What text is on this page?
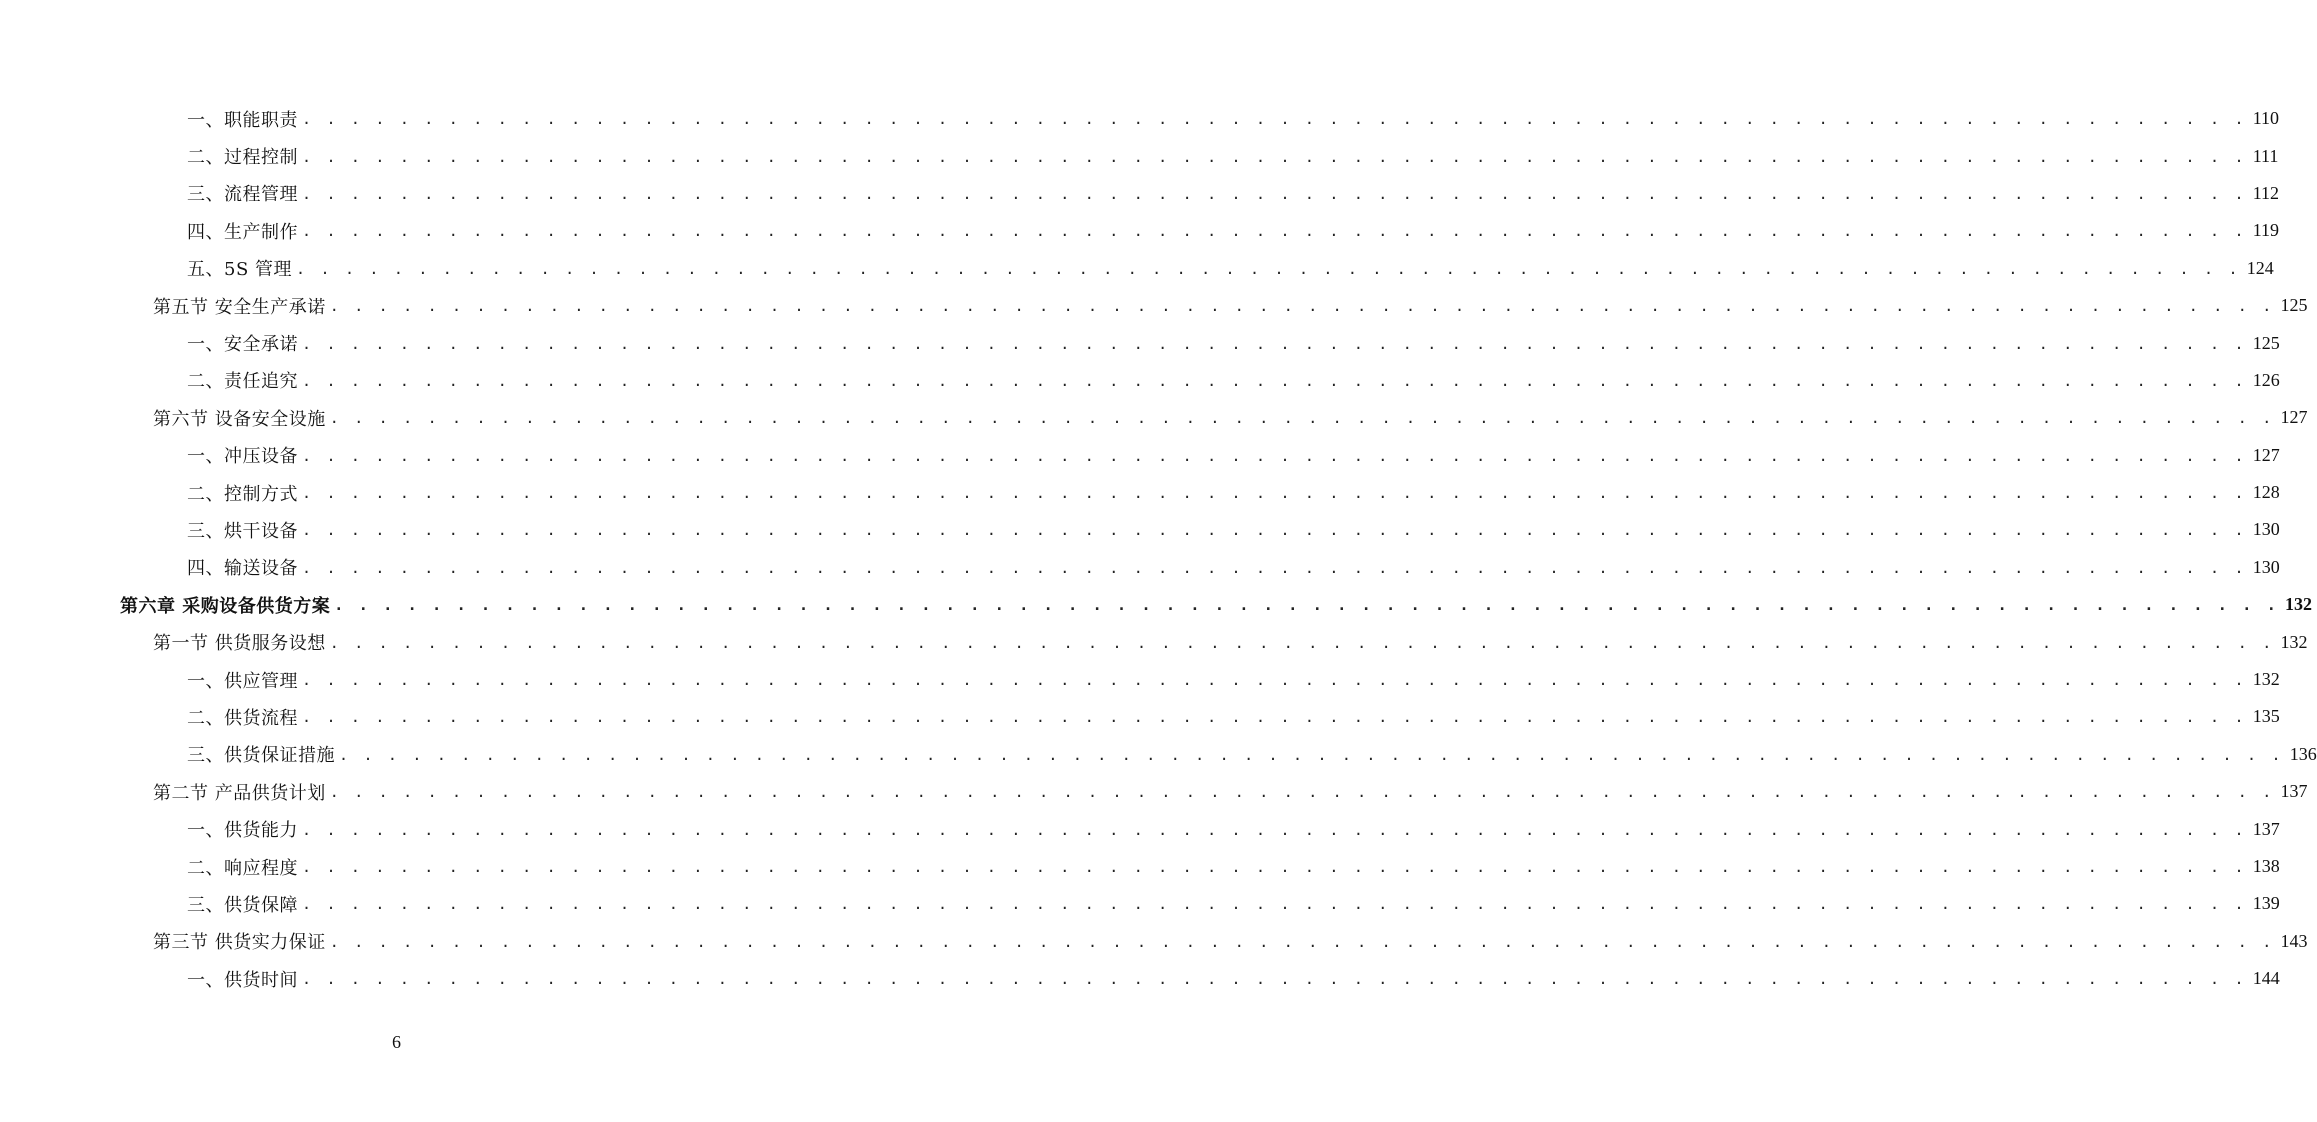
一、职能职责 . . . . . . . . . . . . . . . . . . . . . . . . . . . . . . . . . . . . . . . . . . . . . . . . . . . . . . . . . . . . . . . . . . . . . . . . . . . . . . . . 110
二、过程控制 . . . . . . . . . . . . . . . . . . . . . . . . . . . . . . . . . . . . . . . . . . . . . . . . . . . . . . . . . . . . . . . . . . . . . . . . . . . . . . . . 111
三、流程管理 . . . . . . . . . . . . . . . . . . . . . . . . . . . . . . . . . . . . . . . . . . . . . . . . . . . . . . . . . . . . . . . . . . . . . . . . . . . . . . . . 112
四、生产制作 . . . . . . . . . . . . . . . . . . . . . . . . . . . . . . . . . . . . . . . . . . . . . . . . . . . . . . . . . . . . . . . . . . . . . . . . . . . . . . . . 119
五、5S 管理 . . . . . . . . . . . . . . . . . . . . . . . . . . . . . . . . . . . . . . . . . . . . . . . . . . . . . . . . . . . . . . . . . . . . . . . . . . . . . . . . 124
第五节 安全生产承诺 . . . . . . . . . . . . . . . . . . . . . . . . . . . . . . . . . . . . . . . . . . . . . . . . . . . . . . . . . . . . . . . . . . . . . . . . . . . . . . . . 125
一、安全承诺 . . . . . . . . . . . . . . . . . . . . . . . . . . . . . . . . . . . . . . . . . . . . . . . . . . . . . . . . . . . . . . . . . . . . . . . . . . . . . . . . 125
二、责任追究 . . . . . . . . . . . . . . . . . . . . . . . . . . . . . . . . . . . . . . . . . . . . . . . . . . . . . . . . . . . . . . . . . . . . . . . . . . . . . . . . 126
第六节 设备安全设施 . . . . . . . . . . . . . . . . . . . . . . . . . . . . . . . . . . . . . . . . . . . . . . . . . . . . . . . . . . . . . . . . . . . . . . . . . . . . . . . . 127
一、冲压设备 . . . . . . . . . . . . . . . . . . . . . . . . . . . . . . . . . . . . . . . . . . . . . . . . . . . . . . . . . . . . . . . . . . . . . . . . . . . . . . . . 127
二、控制方式 . . . . . . . . . . . . . . . . . . . . . . . . . . . . . . . . . . . . . . . . . . . . . . . . . . . . . . . . . . . . . . . . . . . . . . . . . . . . . . . . 128
三、烘干设备 . . . . . . . . . . . . . . . . . . . . . . . . . . . . . . . . . . . . . . . . . . . . . . . . . . . . . . . . . . . . . . . . . . . . . . . . . . . . . . . . 130
四、输送设备 . . . . . . . . . . . . . . . . . . . . . . . . . . . . . . . . . . . . . . . . . . . . . . . . . . . . . . . . . . . . . . . . . . . . . . . . . . . . . . . . 130
第六章 采购设备供货方案 . . . . . . . . . . . . . . . . . . . . . . . . . . . . . . . . . . . . . . . . . . . . . . . . . . . . . . . . . . . . . . . . . . . . . . . . . . . . . . . . 132
第一节 供货服务设想 . . . . . . . . . . . . . . . . . . . . . . . . . . . . . . . . . . . . . . . . . . . . . . . . . . . . . . . . . . . . . . . . . . . . . . . . . . . . . . . . 132
一、供应管理 . . . . . . . . . . . . . . . . . . . . . . . . . . . . . . . . . . . . . . . . . . . . . . . . . . . . . . . . . . . . . . . . . . . . . . . . . . . . . . . . 132
二、供货流程 . . . . . . . . . . . . . . . . . . . . . . . . . . . . . . . . . . . . . . . . . . . . . . . . . . . . . . . . . . . . . . . . . . . . . . . . . . . . . . . . 135
三、供货保证措施 . . . . . . . . . . . . . . . . . . . . . . . . . . . . . . . . . . . . . . . . . . . . . . . . . . . . . . . . . . . . . . . . . . . . . . . . . . . . . . . . 136
第二节 产品供货计划 . . . . . . . . . . . . . . . . . . . . . . . . . . . . . . . . . . . . . . . . . . . . . . . . . . . . . . . . . . . . . . . . . . . . . . . . . . . . . . . . 137
一、供货能力 . . . . . . . . . . . . . . . . . . . . . . . . . . . . . . . . . . . . . . . . . . . . . . . . . . . . . . . . . . . . . . . . . . . . . . . . . . . . . . . . 137
二、响应程度 . . . . . . . . . . . . . . . . . . . . . . . . . . . . . . . . . . . . . . . . . . . . . . . . . . . . . . . . . . . . . . . . . . . . . . . . . . . . . . . . 138
三、供货保障 . . . . . . . . . . . . . . . . . . . . . . . . . . . . . . . . . . . . . . . . . . . . . . . . . . . . . . . . . . . . . . . . . . . . . . . . . . . . . . . . 139
第三节 供货实力保证 . . . . . . . . . . . . . . . . . . . . . . . . . . . . . . . . . . . . . . . . . . . . . . . . . . . . . . . . . . . . . . . . . . . . . . . . . . . . . . . . 143
一、供货时间 . . . . . . . . . . . . . . . . . . . . . . . . . . . . . . . . . . . . . . . . . . . . . . . . . . . . . . . . . . . . . . . . . . . . . . . . . . . . . . . . 144
6
